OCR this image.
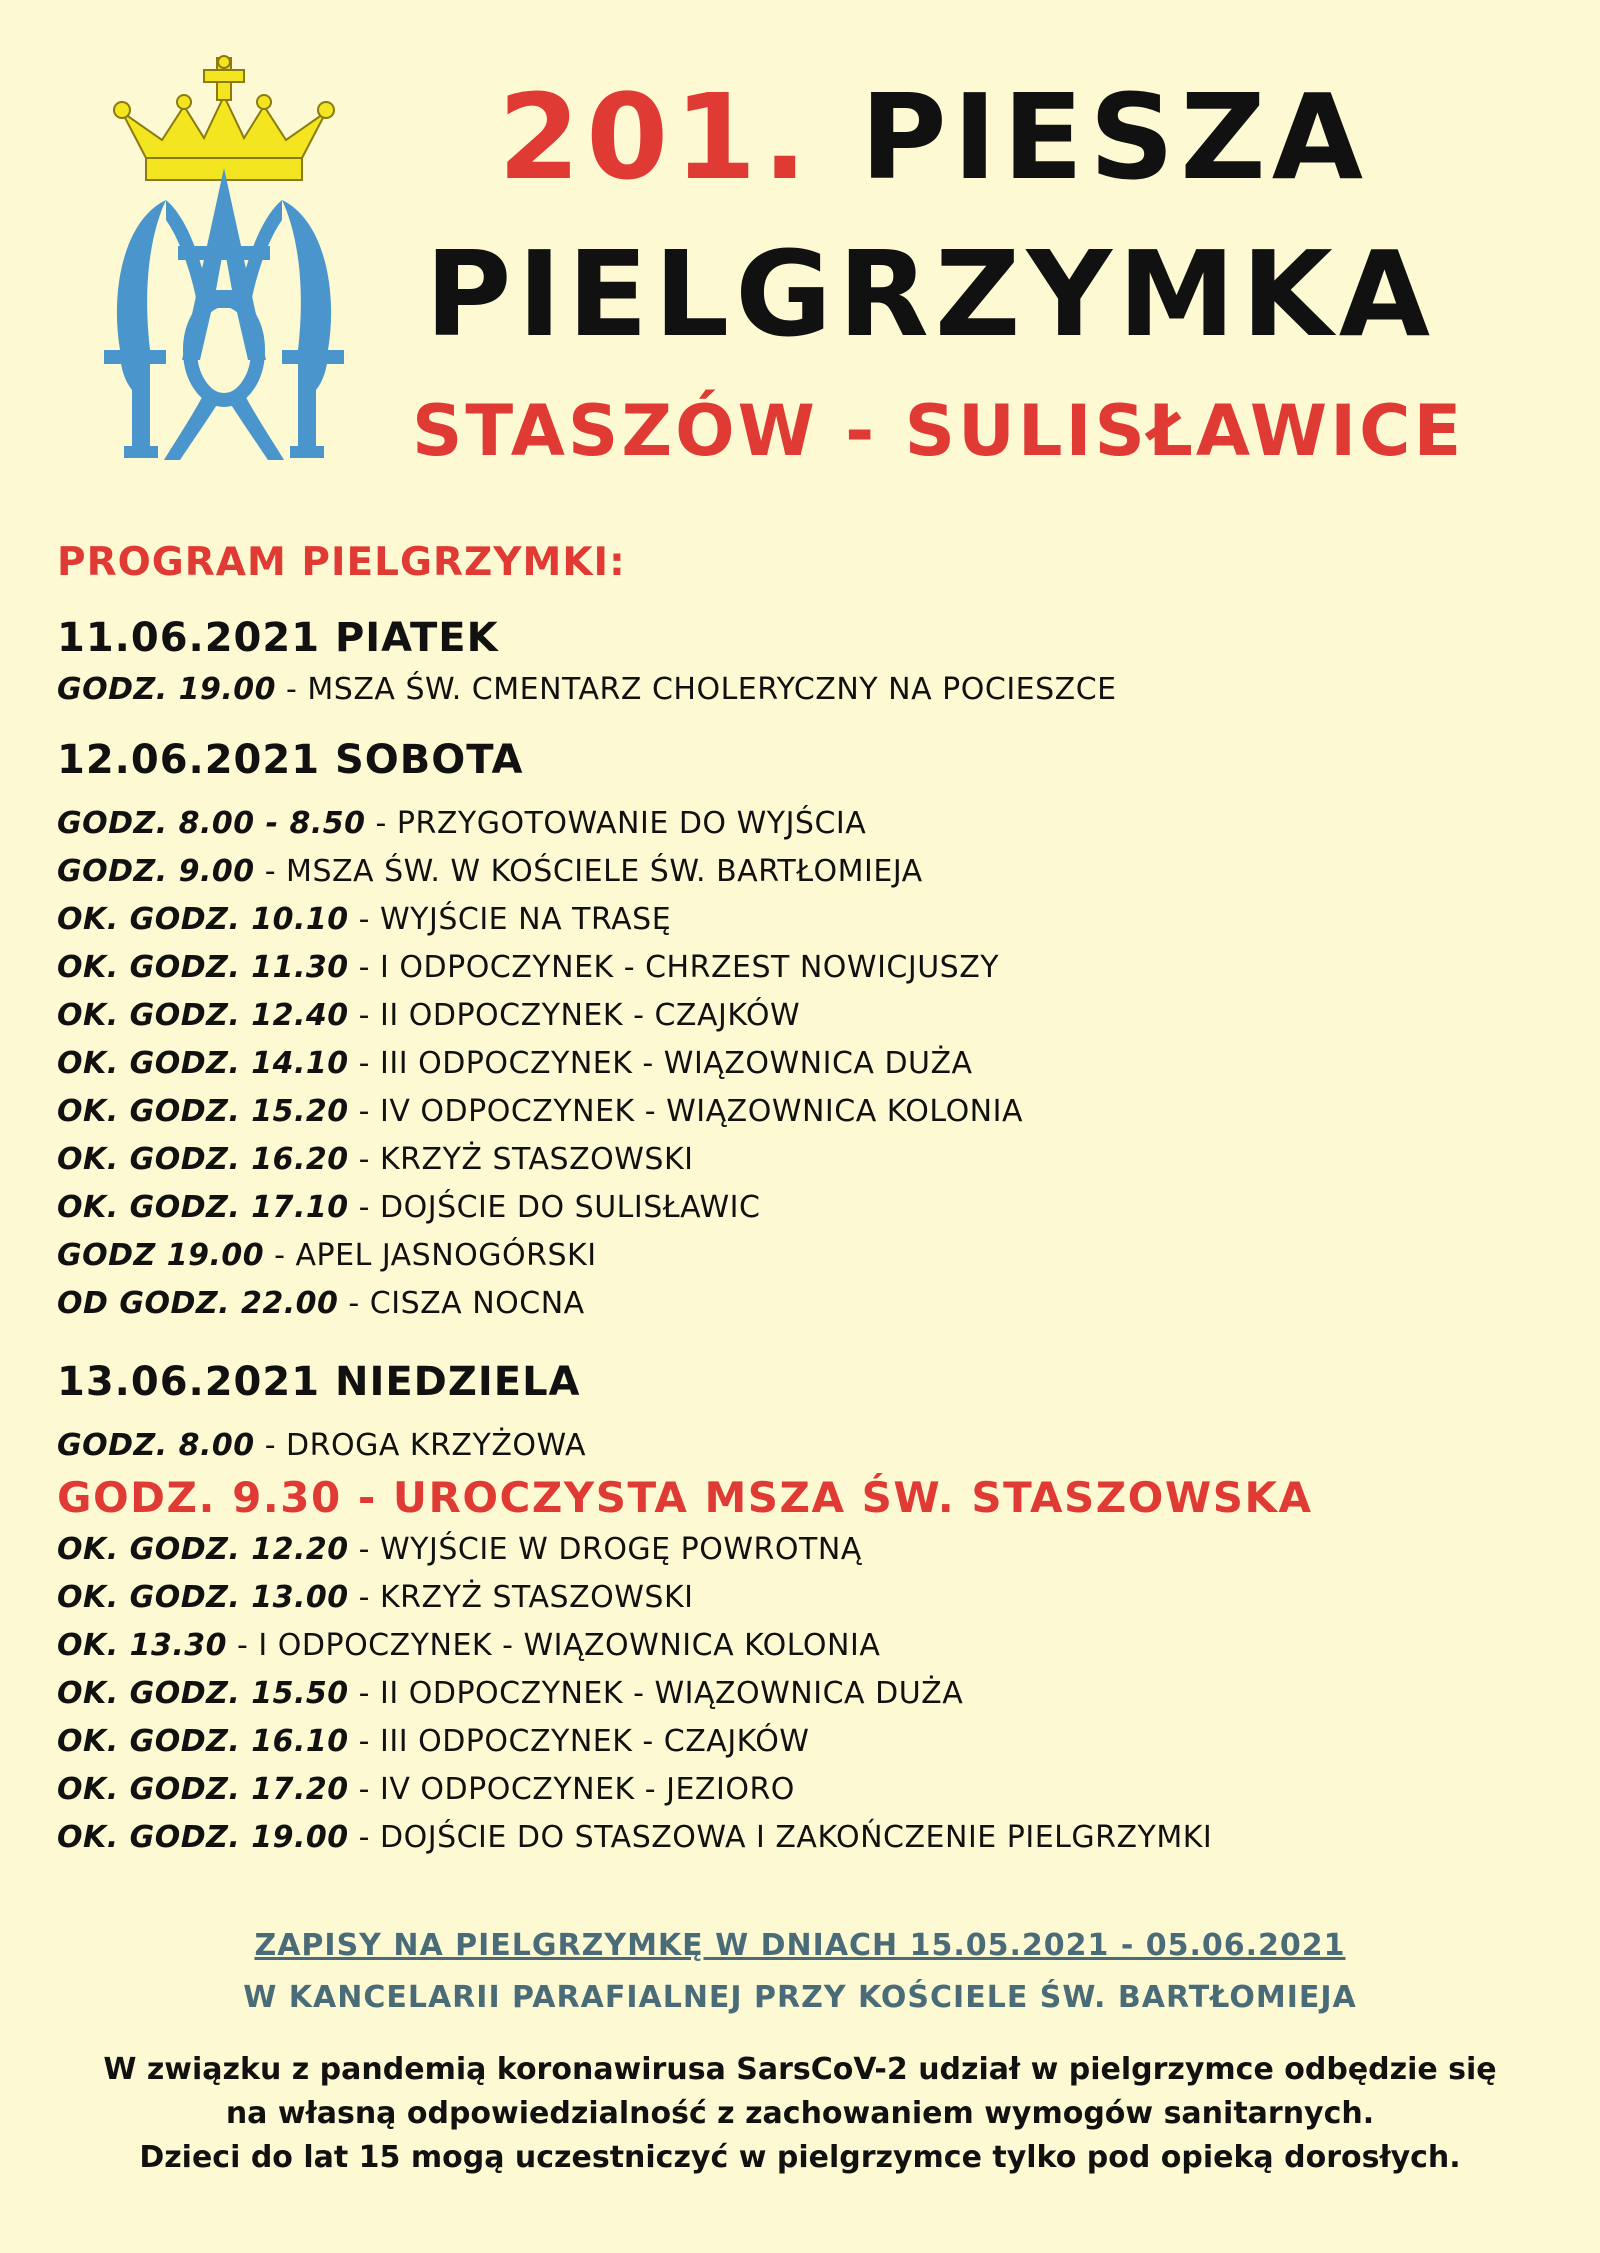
201. PIESZA
PIELGRZYMKA
STASZÓW - SULISŁAWICE
PROGRAM PIELGRZYMKI:
11.06.2021 PIATEK
GODZ. 19.00 - MSZA ŚW. CMENTARZ CHOLERYCZNY NA POCIESZCE
12.06.2021 SOBOTA
GODZ. 8.00 - 8.50 - PRZYGOTOWANIE DO WYJŚCIA
GODZ. 9.00 - MSZA ŚW. W KOŚCIELE ŚW. BARTŁOMIEJA
OK. GODZ. 10.10 - WYJŚCIE NA TRASĘ
OK. GODZ. 11.30 - I ODPOCZYNEK - CHRZEST NOWICJUSZY
OK. GODZ. 12.40 - II ODPOCZYNEK - CZAJKÓW
OK. GODZ. 14.10 - III ODPOCZYNEK - WIĄZOWNICA DUŻA
OK. GODZ. 15.20 - IV ODPOCZYNEK - WIĄZOWNICA KOLONIA
OK. GODZ. 16.20 - KRZYŻ STASZOWSKI
OK. GODZ. 17.10 - DOJŚCIE DO SULISŁAWIC
GODZ 19.00 - APEL JASNOGÓRSKI
OD GODZ. 22.00 - CISZA NOCNA
13.06.2021 NIEDZIELA
GODZ. 8.00 - DROGA KRZYŻOWA
GODZ. 9.30 - UROCZYSTA MSZA ŚW. STASZOWSKA
OK. GODZ. 12.20 - WYJŚCIE W DROGĘ POWROTNĄ
OK. GODZ. 13.00 - KRZYŻ STASZOWSKI
OK. 13.30 - I ODPOCZYNEK - WIĄZOWNICA KOLONIA
OK. GODZ. 15.50 - II ODPOCZYNEK - WIĄZOWNICA DUŻA
OK. GODZ. 16.10 - III ODPOCZYNEK - CZAJKÓW
OK. GODZ. 17.20 - IV ODPOCZYNEK - JEZIORO
OK. GODZ. 19.00 - DOJŚCIE DO STASZOWA I ZAKOŃCZENIE PIELGRZYMKI
ZAPISY NA PIELGRZYMKĘ W DNIACH 15.05.2021 - 05.06.2021
W KANCELARII PARAFIALNEJ PRZY KOŚCIELE ŚW. BARTŁOMIEJA
W związku z pandemią koronawirusa SarsCoV-2 udział w pielgrzymce odbędzie się
na własną odpowiedzialność z zachowaniem wymogów sanitarnych.
Dzieci do lat 15 mogą uczestniczyć w pielgrzymce tylko pod opieką dorosłych.
